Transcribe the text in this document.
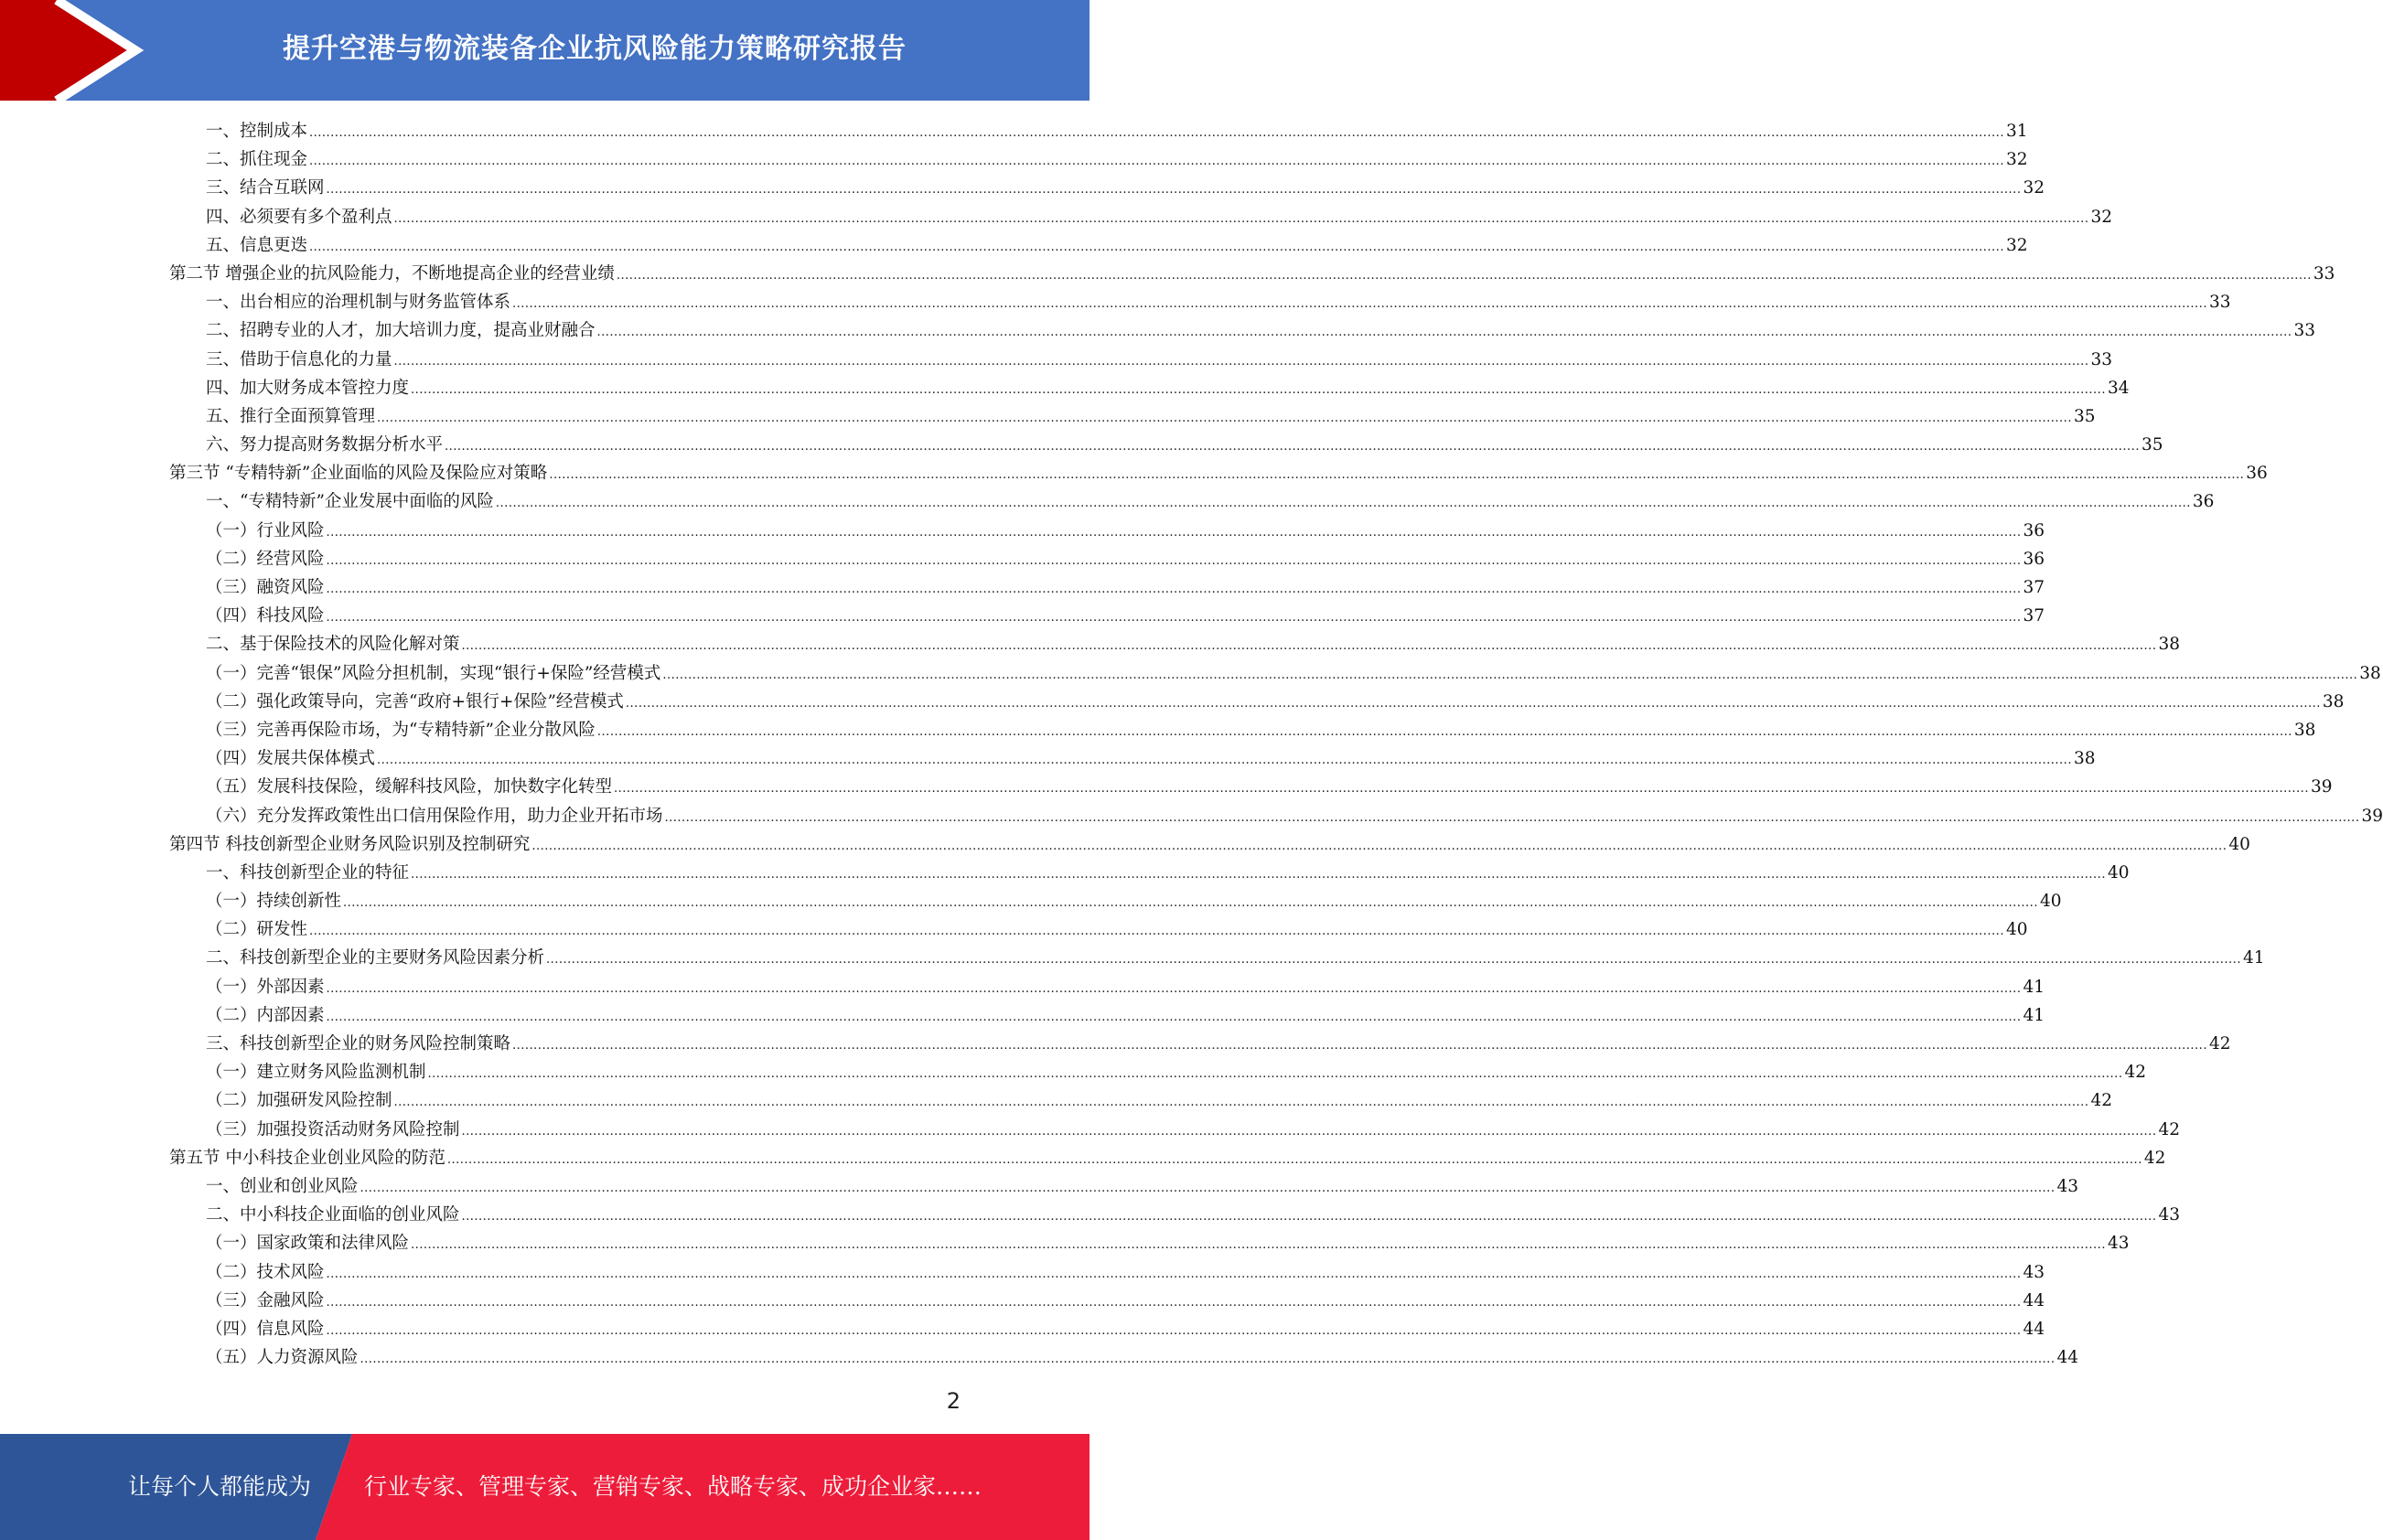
提升空港与物流装备企业抗风险能力策略研究报告
一、控制成本 ................................................................................................................................................................................................................................................................................................................................................................................................................ 31
二、抓住现金 ................................................................................................................................................................................................................................................................................................................................................................................................................ 32
三、结合互联网 ................................................................................................................................................................................................................................................................................................................................................................................................................ 32
四、必须要有多个盈利点 ................................................................................................................................................................................................................................................................................................................................................................................................................ 32
五、信息更迭 ................................................................................................................................................................................................................................................................................................................................................................................................................ 32
第二节 增强企业的抗风险能力，不断地提高企业的经营业绩 ................................................................................................................................................................................................................................................................................................................................................................................................................ 33
一、出台相应的治理机制与财务监管体系 ................................................................................................................................................................................................................................................................................................................................................................................................................ 33
二、招聘专业的人才，加大培训力度，提高业财融合 ................................................................................................................................................................................................................................................................................................................................................................................................................ 33
三、借助于信息化的力量 ................................................................................................................................................................................................................................................................................................................................................................................................................ 33
四、加大财务成本管控力度 ................................................................................................................................................................................................................................................................................................................................................................................................................ 34
五、推行全面预算管理 ................................................................................................................................................................................................................................................................................................................................................................................................................ 35
六、努力提高财务数据分析水平 ................................................................................................................................................................................................................................................................................................................................................................................................................ 35
第三节 “专精特新”企业面临的风险及保险应对策略 ................................................................................................................................................................................................................................................................................................................................................................................................................ 36
一、“专精特新”企业发展中面临的风险 ................................................................................................................................................................................................................................................................................................................................................................................................................ 36
（一）行业风险 ................................................................................................................................................................................................................................................................................................................................................................................................................ 36
（二）经营风险 ................................................................................................................................................................................................................................................................................................................................................................................................................ 36
（三）融资风险 ................................................................................................................................................................................................................................................................................................................................................................................................................ 37
（四）科技风险 ................................................................................................................................................................................................................................................................................................................................................................................................................ 37
二、基于保险技术的风险化解对策 ................................................................................................................................................................................................................................................................................................................................................................................................................ 38
（一）完善“银保”风险分担机制，实现“银行+保险”经营模式 ................................................................................................................................................................................................................................................................................................................................................................................................................ 38
（二）强化政策导向，完善“政府+银行+保险”经营模式 ................................................................................................................................................................................................................................................................................................................................................................................................................ 38
（三）完善再保险市场，为“专精特新”企业分散风险 ................................................................................................................................................................................................................................................................................................................................................................................................................ 38
（四）发展共保体模式 ................................................................................................................................................................................................................................................................................................................................................................................................................ 38
（五）发展科技保险，缓解科技风险，加快数字化转型 ................................................................................................................................................................................................................................................................................................................................................................................................................ 39
（六）充分发挥政策性出口信用保险作用，助力企业开拓市场 ................................................................................................................................................................................................................................................................................................................................................................................................................ 39
第四节 科技创新型企业财务风险识别及控制研究 ................................................................................................................................................................................................................................................................................................................................................................................................................ 40
一、科技创新型企业的特征 ................................................................................................................................................................................................................................................................................................................................................................................................................ 40
（一）持续创新性 ................................................................................................................................................................................................................................................................................................................................................................................................................ 40
（二）研发性 ................................................................................................................................................................................................................................................................................................................................................................................................................ 40
二、科技创新型企业的主要财务风险因素分析 ................................................................................................................................................................................................................................................................................................................................................................................................................ 41
（一）外部因素 ................................................................................................................................................................................................................................................................................................................................................................................................................ 41
（二）内部因素 ................................................................................................................................................................................................................................................................................................................................................................................................................ 41
三、科技创新型企业的财务风险控制策略 ................................................................................................................................................................................................................................................................................................................................................................................................................ 42
（一）建立财务风险监测机制 ................................................................................................................................................................................................................................................................................................................................................................................................................ 42
（二）加强研发风险控制 ................................................................................................................................................................................................................................................................................................................................................................................................................ 42
（三）加强投资活动财务风险控制 ................................................................................................................................................................................................................................................................................................................................................................................................................ 42
第五节 中小科技企业创业风险的防范 ................................................................................................................................................................................................................................................................................................................................................................................................................ 42
一、创业和创业风险 ................................................................................................................................................................................................................................................................................................................................................................................................................ 43
二、中小科技企业面临的创业风险 ................................................................................................................................................................................................................................................................................................................................................................................................................ 43
（一）国家政策和法律风险 ................................................................................................................................................................................................................................................................................................................................................................................................................ 43
（二）技术风险 ................................................................................................................................................................................................................................................................................................................................................................................................................ 43
（三）金融风险 ................................................................................................................................................................................................................................................................................................................................................................................................................ 44
（四）信息风险 ................................................................................................................................................................................................................................................................................................................................................................................................................ 44
（五）人力资源风险 ................................................................................................................................................................................................................................................................................................................................................................................................................ 44
2
让每个人都能成为 行业专家、管理专家、营销专家、战略专家、成功企业家……
